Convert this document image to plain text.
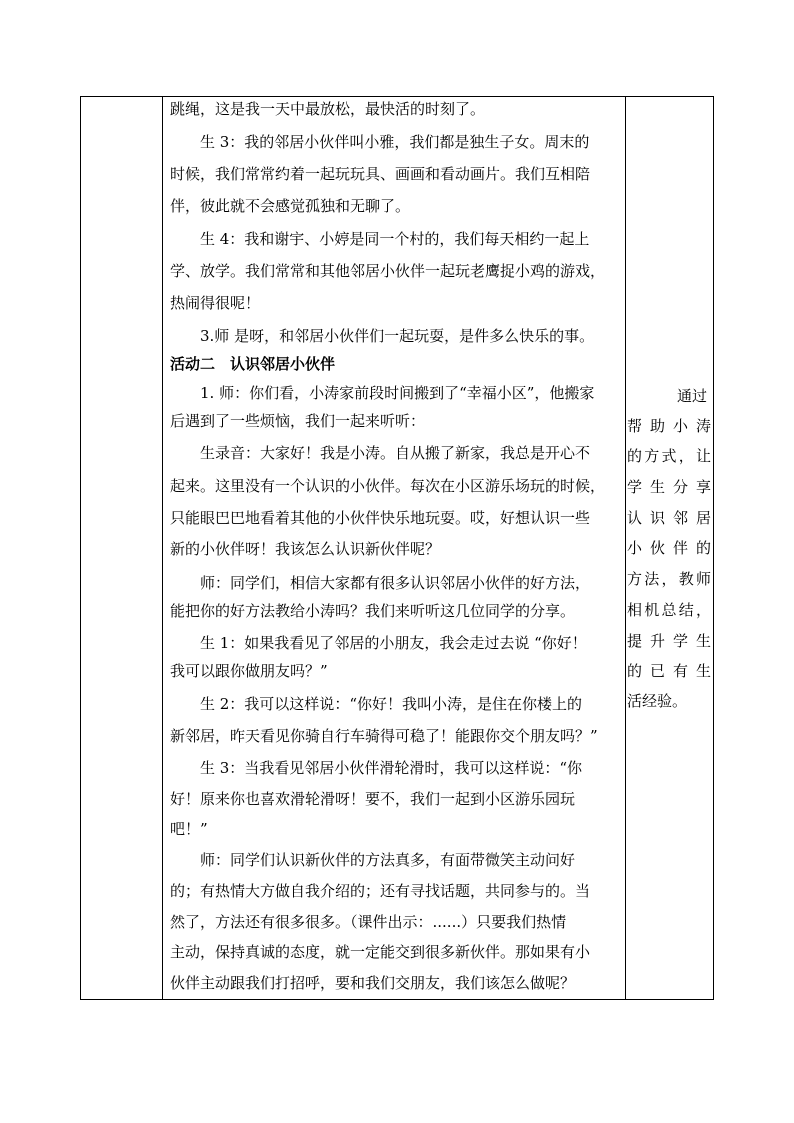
跳绳，这是我一天中最放松，最快活的时刻了。
　　生 3：我的邻居小伙伴叫小雅，我们都是独生子女。周末的
时候，我们常常约着一起玩玩具、画画和看动画片。我们互相陪
伴，彼此就不会感觉孤独和无聊了。
　　生 4：我和谢宇、小婷是同一个村的，我们每天相约一起上
学、放学。我们常常和其他邻居小伙伴一起玩老鹰捉小鸡的游戏，
热闹得很呢！
　　3.师 是呀，和邻居小伙伴们一起玩耍，是件多么快乐的事。
活动二　认识邻居小伙伴
　　1. 师：你们看，小涛家前段时间搬到了“幸福小区”，他搬家
后遇到了一些烦恼，我们一起来听听：
　　生录音：大家好！我是小涛。自从搬了新家，我总是开心不
起来。这里没有一个认识的小伙伴。每次在小区游乐场玩的时候，
只能眼巴巴地看着其他的小伙伴快乐地玩耍。哎，好想认识一些
新的小伙伴呀！我该怎么认识新伙伴呢？
　　师：同学们，相信大家都有很多认识邻居小伙伴的好方法，
能把你的好方法教给小涛吗？我们来听听这几位同学的分享。
　　生 1：如果我看见了邻居的小朋友，我会走过去说 “你好！
我可以跟你做朋友吗？”
　　生 2：我可以这样说：“你好！我叫小涛，是住在你楼上的
新邻居，昨天看见你骑自行车骑得可稳了！能跟你交个朋友吗？”
　　生 3：当我看见邻居小伙伴滑轮滑时，我可以这样说：“你
好！原来你也喜欢滑轮滑呀！要不，我们一起到小区游乐园玩
吧！”
　　师：同学们认识新伙伴的方法真多，有面带微笑主动问好
的；有热情大方做自我介绍的；还有寻找话题，共同参与的。当
然了，方法还有很多很多。（课件出示：......）只要我们热情
主动，保持真诚的态度，就一定能交到很多新伙伴。那如果有小
伙伴主动跟我们打招呼，要和我们交朋友，我们该怎么做呢？
通过
帮助小涛
的方式，让
学生分享
认识邻居
小伙伴的
方法，教师
相机总结，
提升学生
的已有生
活经验。
